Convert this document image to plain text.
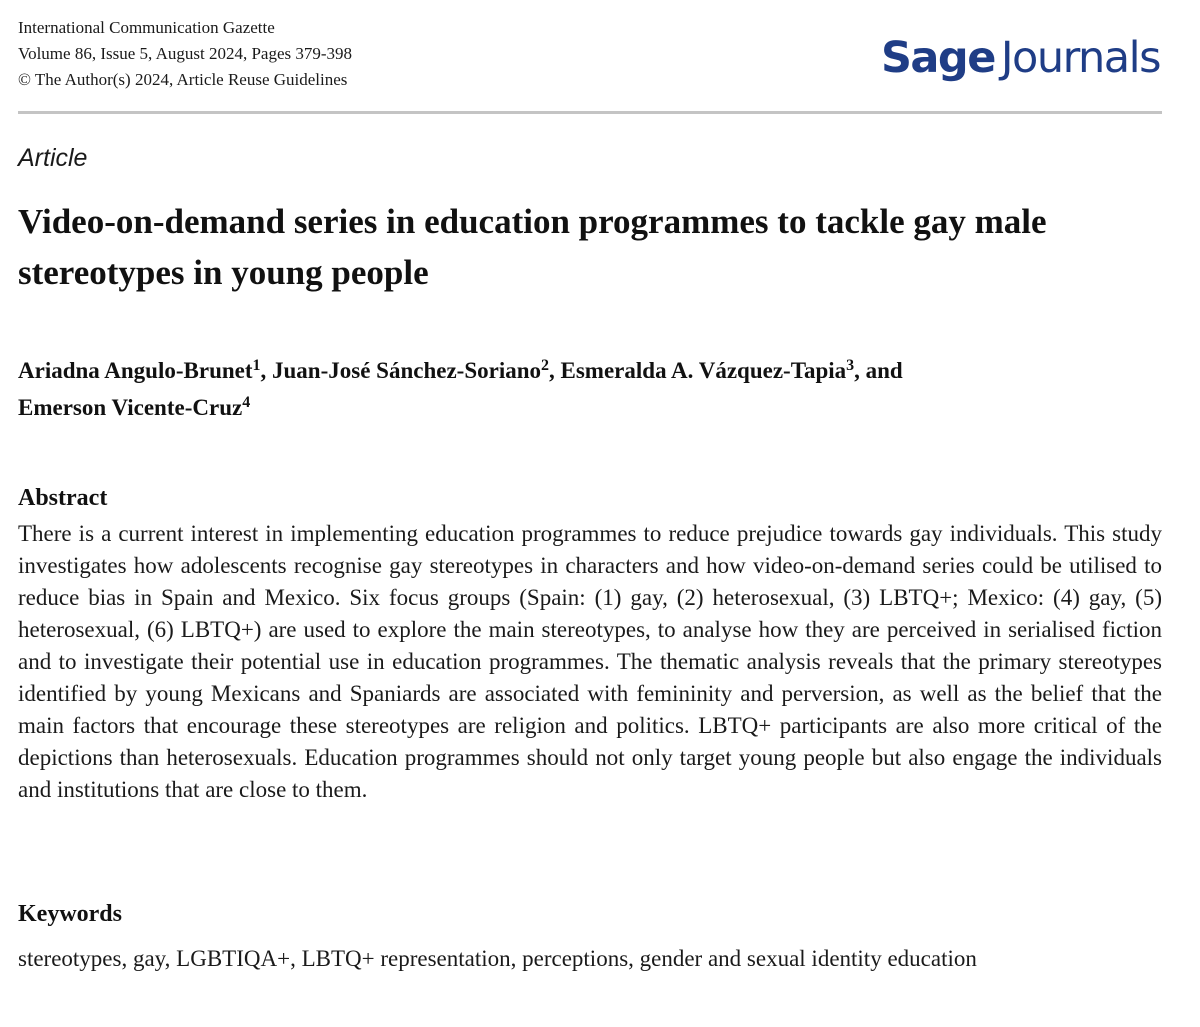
International Communication Gazette
Volume 86, Issue 5, August 2024, Pages 379-398
© The Author(s) 2024, Article Reuse Guidelines	Sage Journals
Article
Video-on-demand series in education programmes to tackle gay male stereotypes in young people
Ariadna Angulo-Brunet$^1$, Juan-José Sánchez-Soriano$^2$, Esmeralda A. Vázquez-Tapia$^3$, and
Emerson Vicente-Cruz$^4$
Abstract

There is a current interest in implementing education programmes to reduce prejudice towards gay individuals. This study investigates how adolescents recognise gay stereotypes in characters and how video-on-demand series could be utilised to reduce bias in Spain and Mexico. Six focus groups (Spain: (1) gay, (2) heterosexual, (3) LBTQ+; Mexico: (4) gay, (5) heterosexual, (6) LBTQ+) are used to explore the main stereotypes, to analyse how they are perceived in serialised fiction and to investigate their potential use in education programmes. The thematic analysis reveals that the primary stereotypes identified by young Mexicans and Spaniards are associated with femininity and perversion, as well as the belief that the main factors that encourage these stereotypes are religion and politics. LBTQ+ participants are also more critical of the depictions than heterosexuals. Education programmes should not only target young people but also engage the individuals and institutions that are close to them.

Keywords

stereotypes, gay, LGBTIQA+, LBTQ+ representation, perceptions, gender and sexual identity education
